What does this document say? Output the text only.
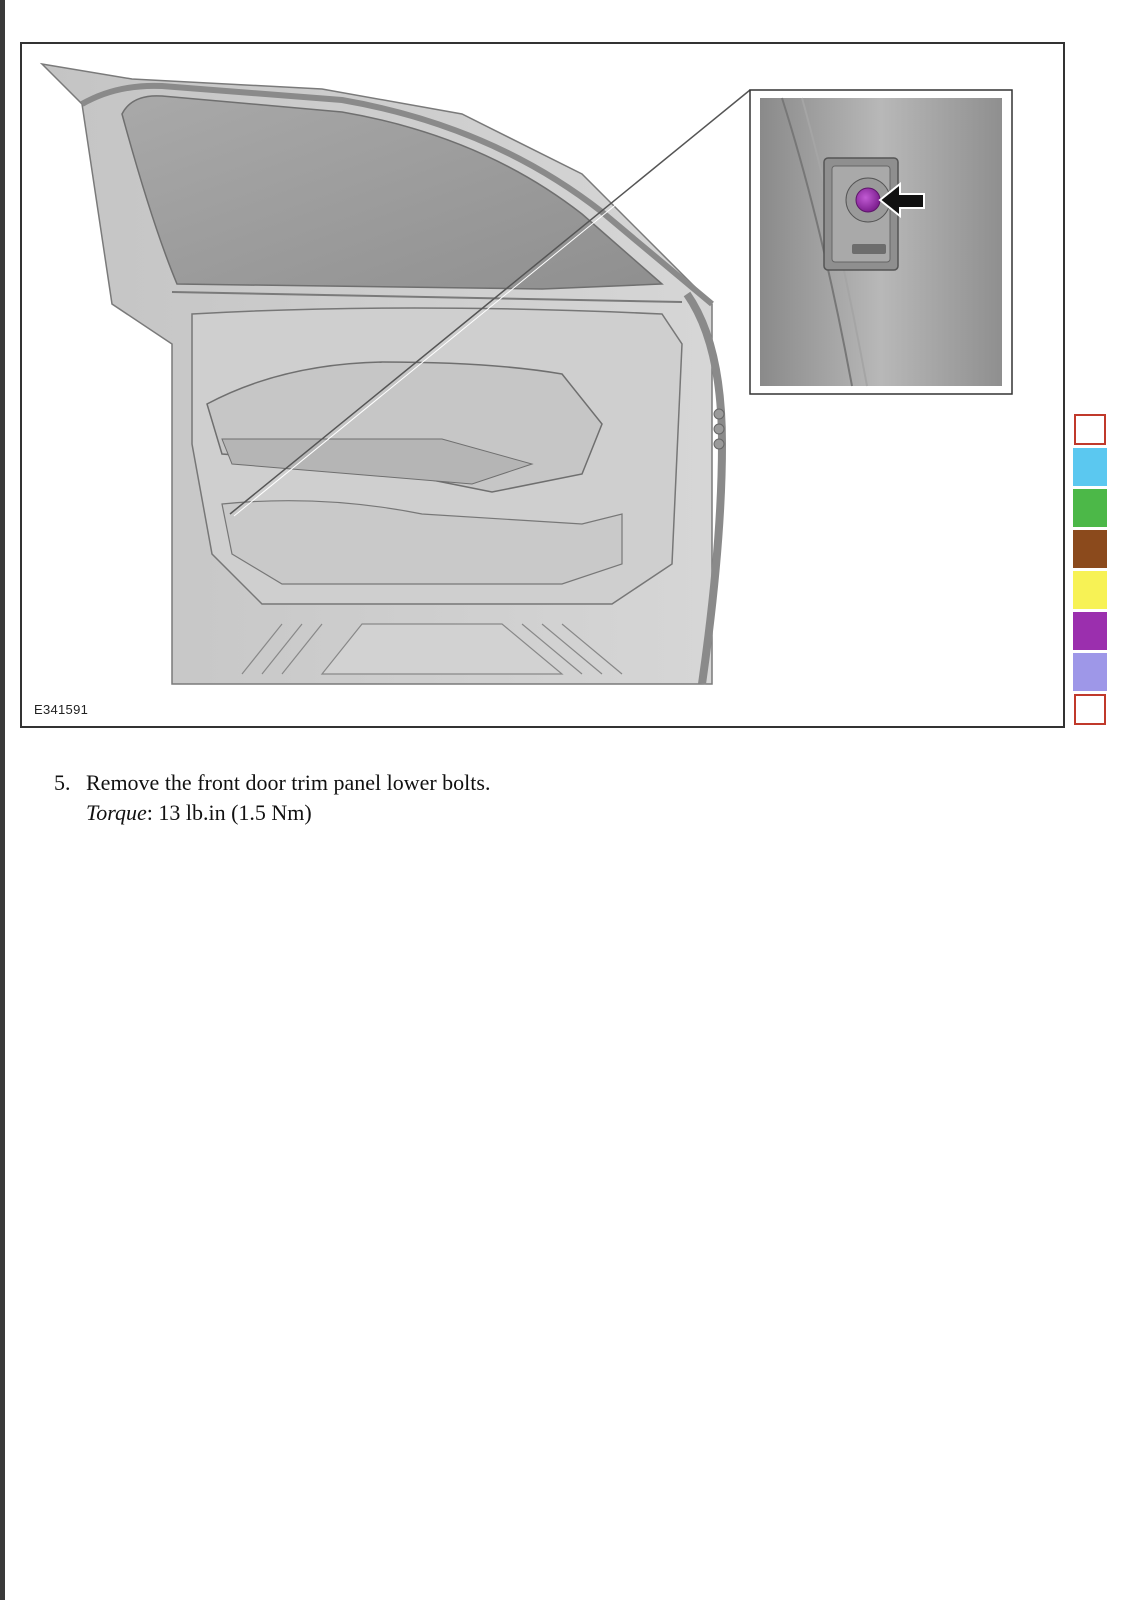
E341591
5. Remove the front door trim panel lower bolts.
Torque: 13 lb.in (1.5 Nm)
